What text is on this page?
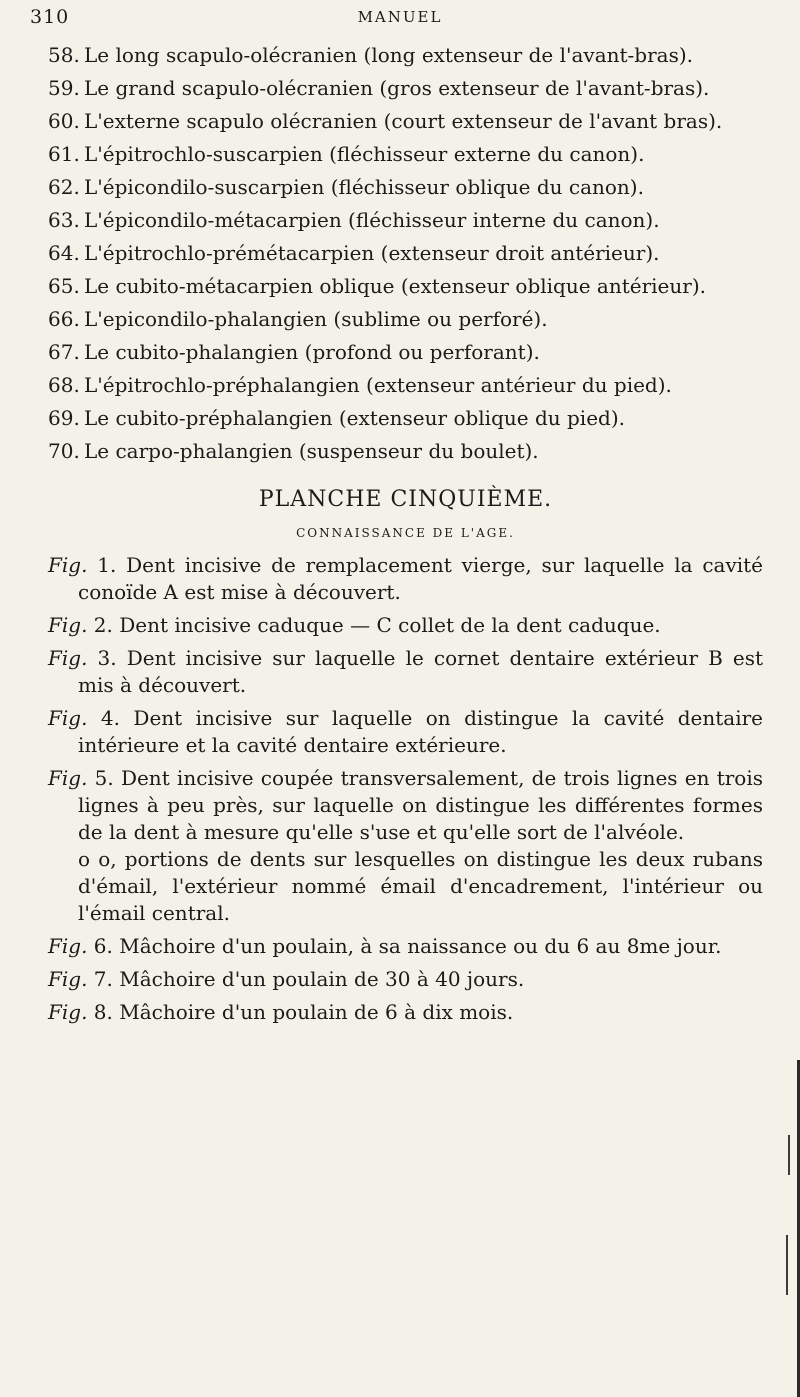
310	MANUEL
58. Le long scapulo-olécranien (long extenseur de l'avant-bras).
59. Le grand scapulo-olécranien (gros extenseur de l'avant-bras).
60. L'externe scapulo olécranien (court extenseur de l'avant bras).
61. L'épitrochlo-suscarpien (fléchisseur externe du canon).
62. L'épicondilo-suscarpien (fléchisseur oblique du canon).
63. L'épicondilo-métacarpien (fléchisseur interne du canon).
64. L'épitrochlo-prémétacarpien (extenseur droit antérieur).
65. Le cubito-métacarpien oblique (extenseur oblique antérieur).
66. L'epicondilo-phalangien (sublime ou perforé).
67. Le cubito-phalangien (profond ou perforant).
68. L'épitrochlo-préphalangien (extenseur antérieur du pied).
69. Le cubito-préphalangien (extenseur oblique du pied).
70. Le carpo-phalangien (suspenseur du boulet).
PLANCHE CINQUIÈME.
CONNAISSANCE DE L'AGE.
Fig. 1. Dent incisive de remplacement vierge, sur laquelle la cavité conoïde A est mise à découvert.
Fig. 2. Dent incisive caduque — C collet de la dent caduque.
Fig. 3. Dent incisive sur laquelle le cornet dentaire extérieur B est mis à découvert.
Fig. 4. Dent incisive sur laquelle on distingue la cavité dentaire intérieure et la cavité dentaire extérieure.
Fig. 5. Dent incisive coupée transversalement, de trois lignes en trois lignes à peu près, sur laquelle on distingue les différentes formes de la dent à mesure qu'elle s'use et qu'elle sort de l'alvéole.
o o, portions de dents sur lesquelles on distingue les deux rubans d'émail, l'extérieur nommé émail d'encadrement, l'intérieur ou l'émail central.
Fig. 6. Mâchoire d'un poulain, à sa naissance ou du 6 au 8me jour.
Fig. 7. Mâchoire d'un poulain de 30 à 40 jours.
Fig. 8. Mâchoire d'un poulain de 6 à dix mois.
